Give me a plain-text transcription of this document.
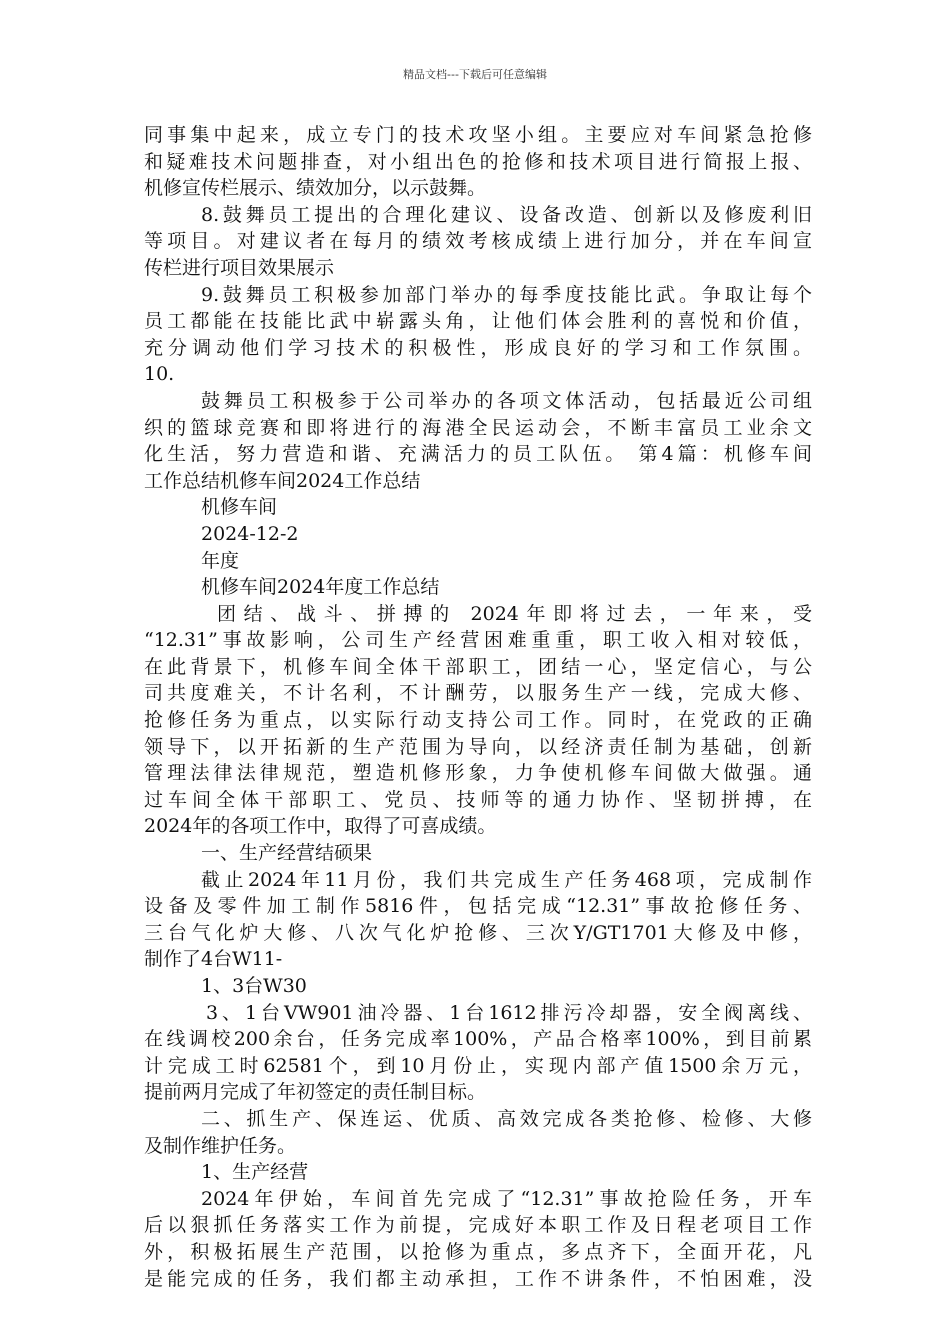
精品文档---下载后可任意编辑
同事集中起来，成立专门的技术攻坚小组。主要应对车间紧急抢修
和疑难技术问题排查，对小组出色的抢修和技术项目进行简报上报、
机修宣传栏展示、绩效加分，以示鼓舞。
8.鼓舞员工提出的合理化建议、设备改造、创新以及修废利旧
等项目。对建议者在每月的绩效考核成绩上进行加分，并在车间宣
传栏进行项目效果展示
9.鼓舞员工积极参加部门举办的每季度技能比武。争取让每个
员工都能在技能比武中崭露头角，让他们体会胜利的喜悦和价值，
充分调动他们学习技术的积极性，形成良好的学习和工作氛围。
10.
鼓舞员工积极参于公司举办的各项文体活动，包括最近公司组
织的篮球竞赛和即将进行的海港全民运动会，不断丰富员工业余文
化生活，努力营造和谐、充满活力的员工队伍。 第4篇：机修车间
工作总结机修车间2024工作总结
机修车间
2024-12-2
年度
机修车间2024年度工作总结
团结、战斗、拼搏的 2024年即将过去，一年来，受
“12.31”事故影响，公司生产经营困难重重，职工收入相对较低，
在此背景下，机修车间全体干部职工，团结一心，坚定信心，与公
司共度难关，不计名利，不计酬劳，以服务生产一线，完成大修、
抢修任务为重点，以实际行动支持公司工作。同时，在党政的正确
领导下，以开拓新的生产范围为导向，以经济责任制为基础，创新
管理法律法律规范，塑造机修形象，力争使机修车间做大做强。通
过车间全体干部职工、党员、技师等的通力协作、坚韧拼搏，在
2024年的各项工作中，取得了可喜成绩。
一、生产经营结硕果
截止2024年11月份，我们共完成生产任务468项，完成制作
设备及零件加工制作5816件，包括完成“12.31”事故抢修任务、
三台气化炉大修、八次气化炉抢修、三次Y/GT1701大修及中修，
制作了4台W11-
1、3台W30
3、1台VW901油冷器、1台1612排污冷却器，安全阀离线、
在线调校200余台，任务完成率100%，产品合格率100%，到目前累
计完成工时62581个，到10月份止，实现内部产值1500余万元，
提前两月完成了年初签定的责任制目标。
二、抓生产、保连运、优质、高效完成各类抢修、检修、大修
及制作维护任务。
1、生产经营
2024年伊始，车间首先完成了“12.31”事故抢险任务，开车
后以狠抓任务落实工作为前提，完成好本职工作及日程老项目工作
外，积极拓展生产范围，以抢修为重点，多点齐下，全面开花，凡
是能完成的任务，我们都主动承担，工作不讲条件，不怕困难，没
